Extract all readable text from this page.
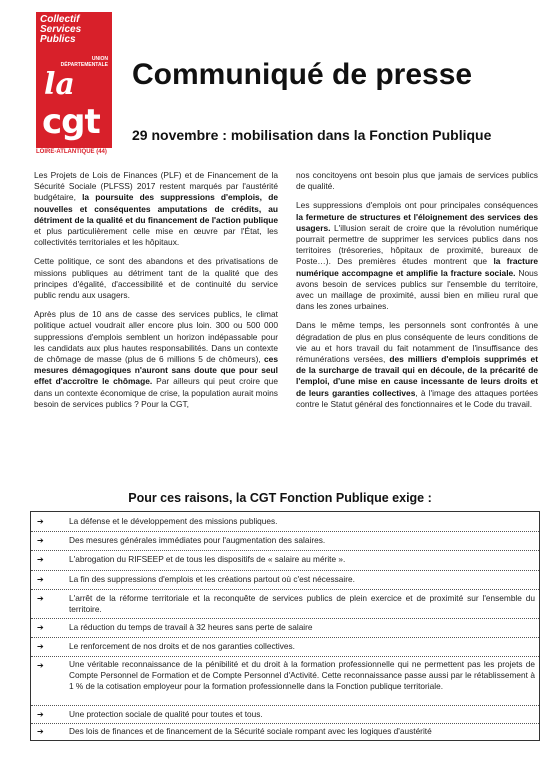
Collectif
Services
Publics
UNION
DÉPARTEMENTALE
la
cgt
LOIRE-ATLANTIQUE (44)
Communiqué de presse
29 novembre : mobilisation dans la Fonction Publique

Les Projets de Lois de Finances (PLF) et de Financement de la Sécurité Sociale (PLFSS) 2017 restent marqués par l'austérité budgétaire, la poursuite des suppressions d'emplois, de nouvelles et conséquentes amputations de crédits, au détriment de la qualité et du financement de l'action publique et plus particulièrement celle mise en œuvre par l'État, les collectivités territoriales et les hôpitaux.

Cette politique, ce sont des abandons et des privatisations de missions publiques au détriment tant de la qualité que des principes d'égalité, d'accessibilité et de continuité du service public rendu aux usagers.

Après plus de 10 ans de casse des services publics, le climat politique actuel voudrait aller encore plus loin. 300 ou 500 000 suppressions d'emplois semblent un horizon indépassable pour les candidats aux plus hautes responsabilités. Dans un contexte de chômage de masse (plus de 6 millions 5 de chômeurs), ces mesures démagogiques n'auront sans doute que pour seul effet d'accroître le chômage. Par ailleurs qui peut croire que dans un contexte économique de crise, la population aurait moins besoin de services publics ? Pour la CGT,

nos concitoyens ont besoin plus que jamais de services publics de qualité.

Les suppressions d'emplois ont pour principales conséquences la fermeture de structures et l'éloignement des services des usagers. L'illusion serait de croire que la révolution numérique pourrait permettre de supprimer les services publics dans nos territoires (trésoreries, hôpitaux de proximité, bureaux de Poste…). Des premières études montrent que la fracture numérique accompagne et amplifie la fracture sociale. Nous avons besoin de services publics sur l'ensemble du territoire, avec un maillage de proximité, aussi bien en milieu rural que dans les zones urbaines.

Dans le même temps, les personnels sont confrontés à une dégradation de plus en plus conséquente de leurs conditions de vie au et hors travail du fait notamment de l'insuffisance des rémunérations versées, des milliers d'emplois supprimés et de la surcharge de travail qui en découle, de la précarité de l'emploi, d'une mise en cause incessante de leurs droits et de leurs garanties collectives, à l'image des attaques portées contre le Statut général des fonctionnaires et le Code du travail.

Pour ces raisons, la CGT Fonction Publique exige :
➔	La défense et le développement des missions publiques.
➔	Des mesures générales immédiates pour l'augmentation des salaires.
➔	L'abrogation du RIFSEEP et de tous les dispositifs de « salaire au mérite ».
➔	La fin des suppressions d'emplois et les créations partout où c'est nécessaire.
➔	L'arrêt de la réforme territoriale et la reconquête de services publics de plein exercice et de proximité sur l'ensemble du territoire.
➔	La réduction du temps de travail à 32 heures sans perte de salaire
➔	Le renforcement de nos droits et de nos garanties collectives.
➔	Une véritable reconnaissance de la pénibilité et du droit à la formation professionnelle qui ne permettent pas les projets de Compte Personnel de Formation et de Compte Personnel d'Activité. Cette reconnaissance passe aussi par le rétablissement à 1 % de la cotisation employeur pour la formation professionnelle dans la Fonction publique territoriale.
➔	Une protection sociale de qualité pour toutes et tous.
➔	Des lois de finances et de financement de la Sécurité sociale rompant avec les logiques d'austérité
